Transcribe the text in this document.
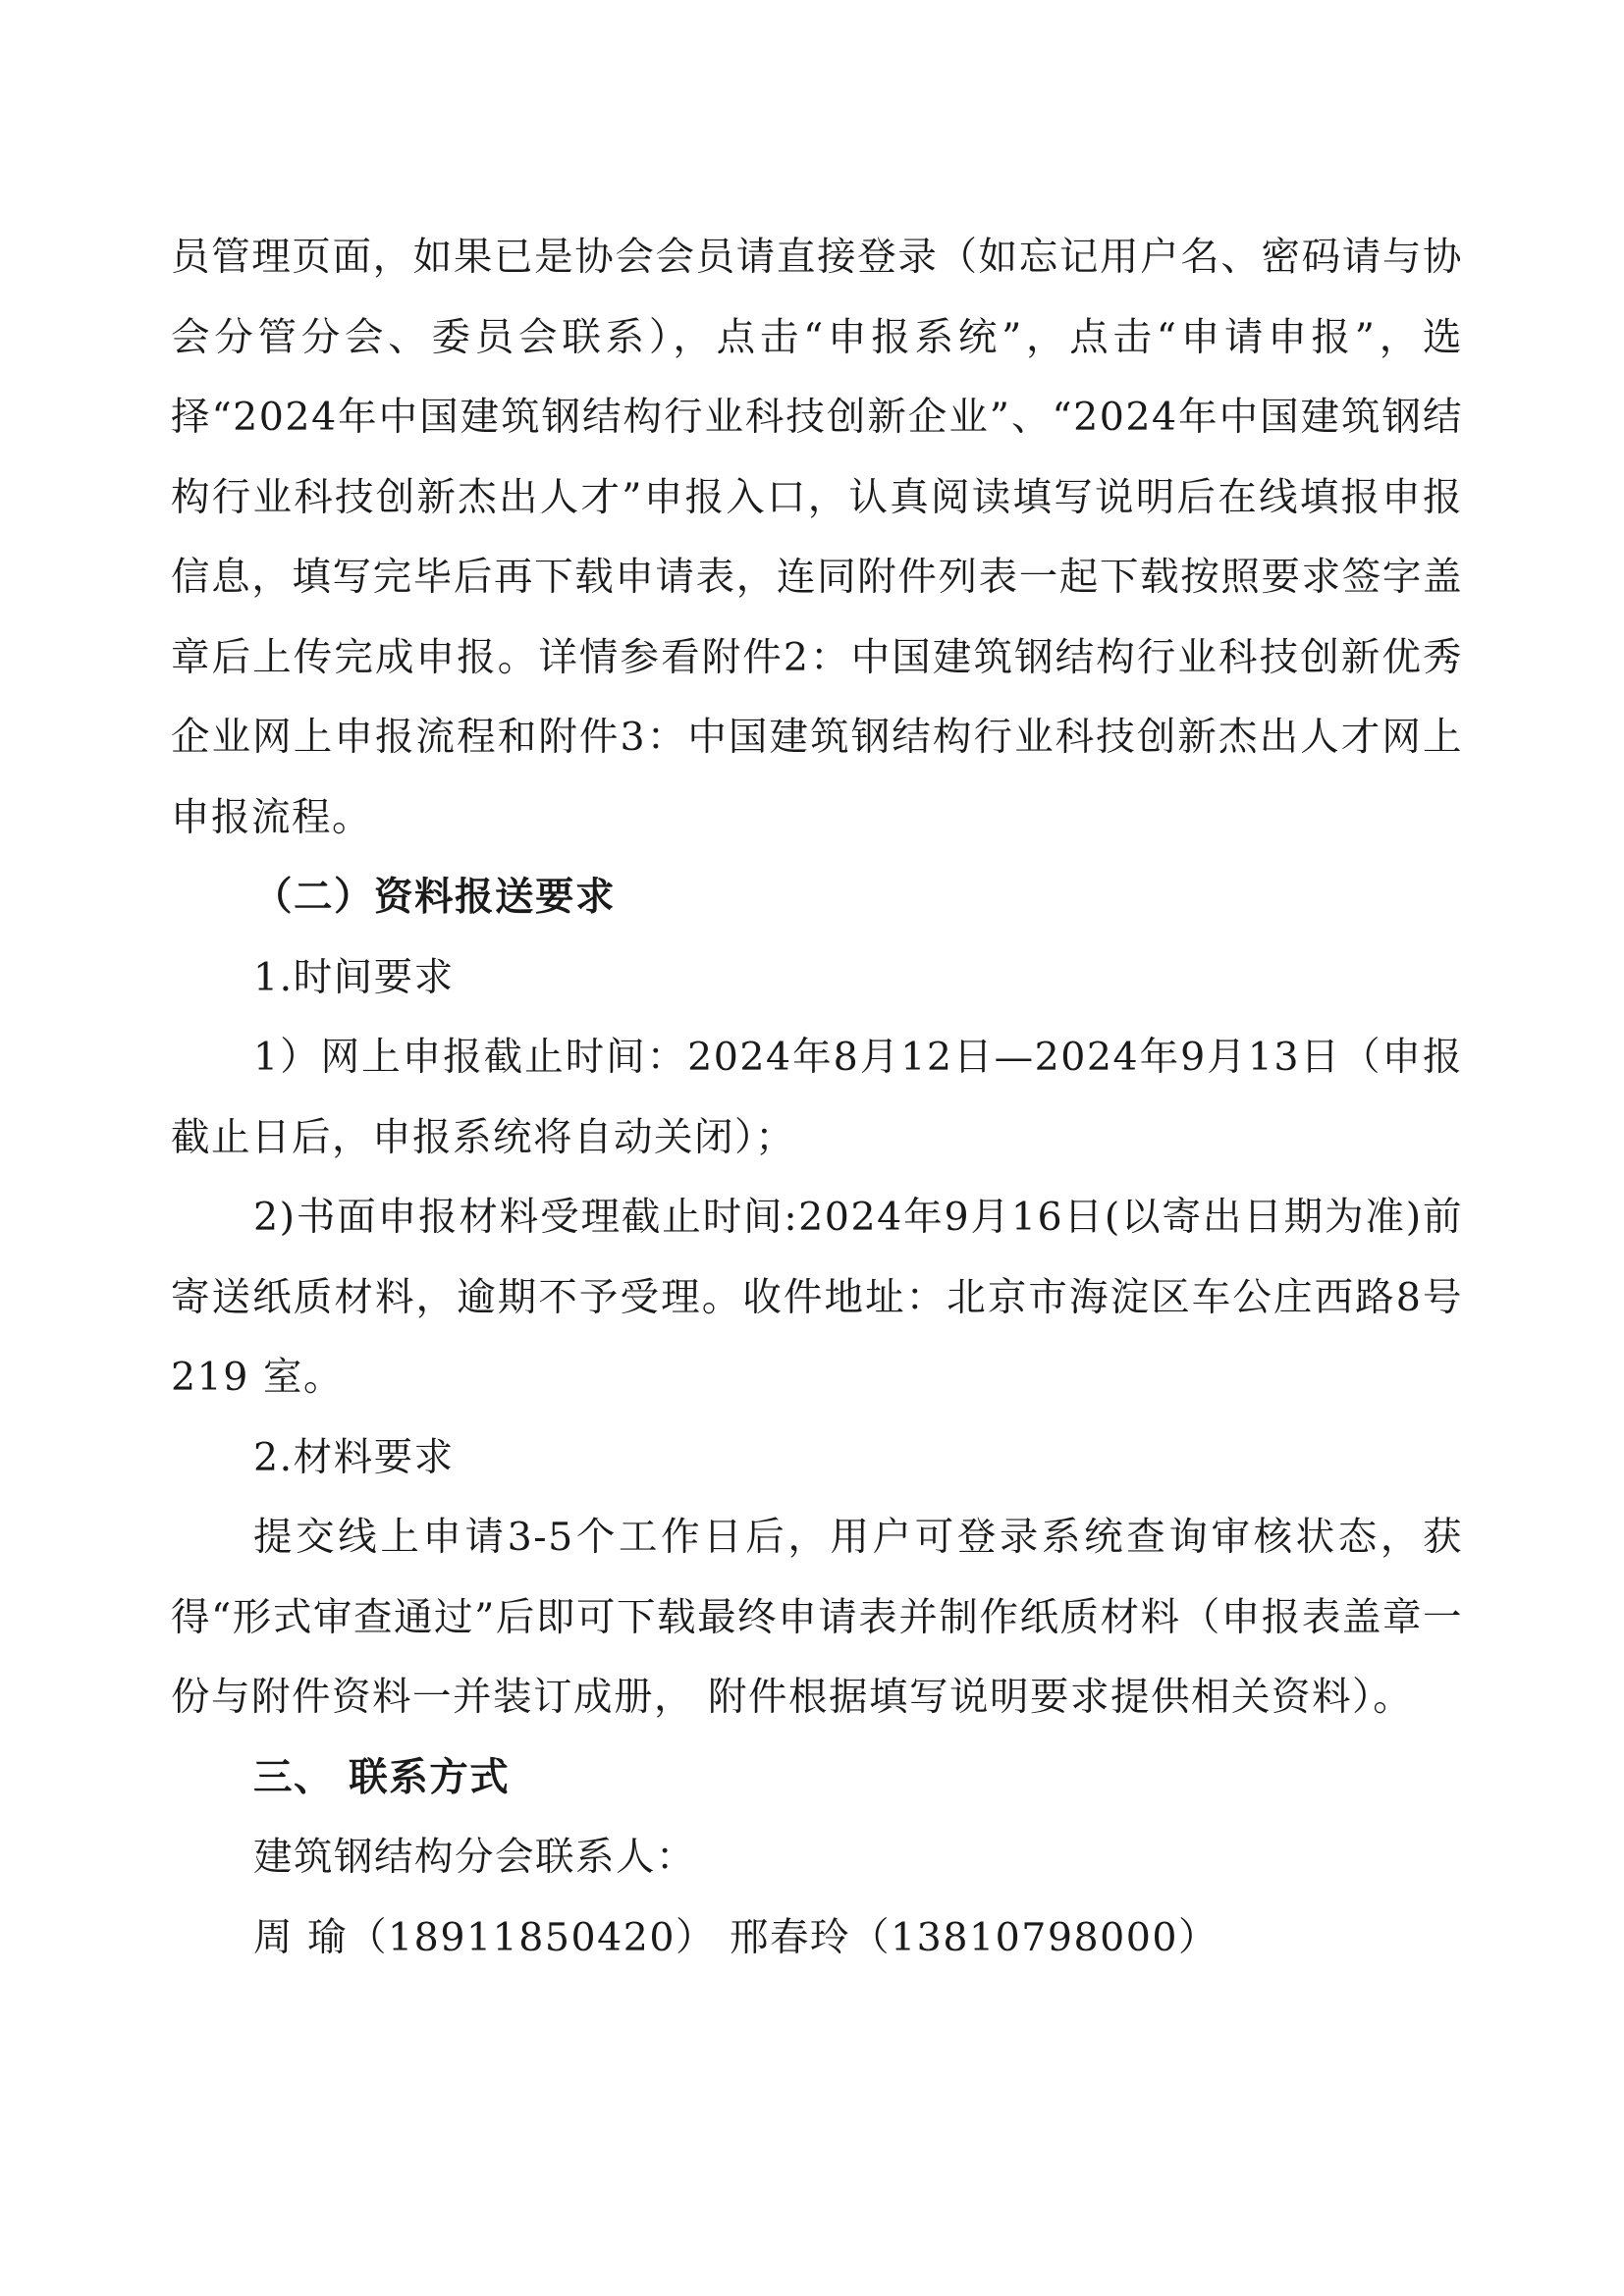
员管理页面，如果已是协会会员请直接登录（如忘记用户名、密码请与协会分管分会、委员会联系），点击“申报系统”，点击“申请申报”，选择“2024年中国建筑钢结构行业科技创新企业”、“2024年中国建筑钢结构行业科技创新杰出人才”申报入口，认真阅读填写说明后在线填报申报信息，填写完毕后再下载申请表，连同附件列表一起下载按照要求签字盖章后上传完成申报。详情参看附件2：中国建筑钢结构行业科技创新优秀企业网上申报流程和附件3：中国建筑钢结构行业科技创新杰出人才网上申报流程。

（二）资料报送要求

1.时间要求

1）网上申报截止时间：2024年8月12日—2024年9月13日（申报截止日后，申报系统将自动关闭）；

2)书面申报材料受理截止时间:2024年9月16日(以寄出日期为准)前寄送纸质材料，逾期不予受理。收件地址：北京市海淀区车公庄西路8号219 室。

2.材料要求

提交线上申请3-5个工作日后，用户可登录系统查询审核状态，获得“形式审查通过”后即可下载最终申请表并制作纸质材料（申报表盖章一份与附件资料一并装订成册， 附件根据填写说明要求提供相关资料）。

三、 联系方式

建筑钢结构分会联系人：

周 瑜（18911850420） 邢春玲（13810798000）
